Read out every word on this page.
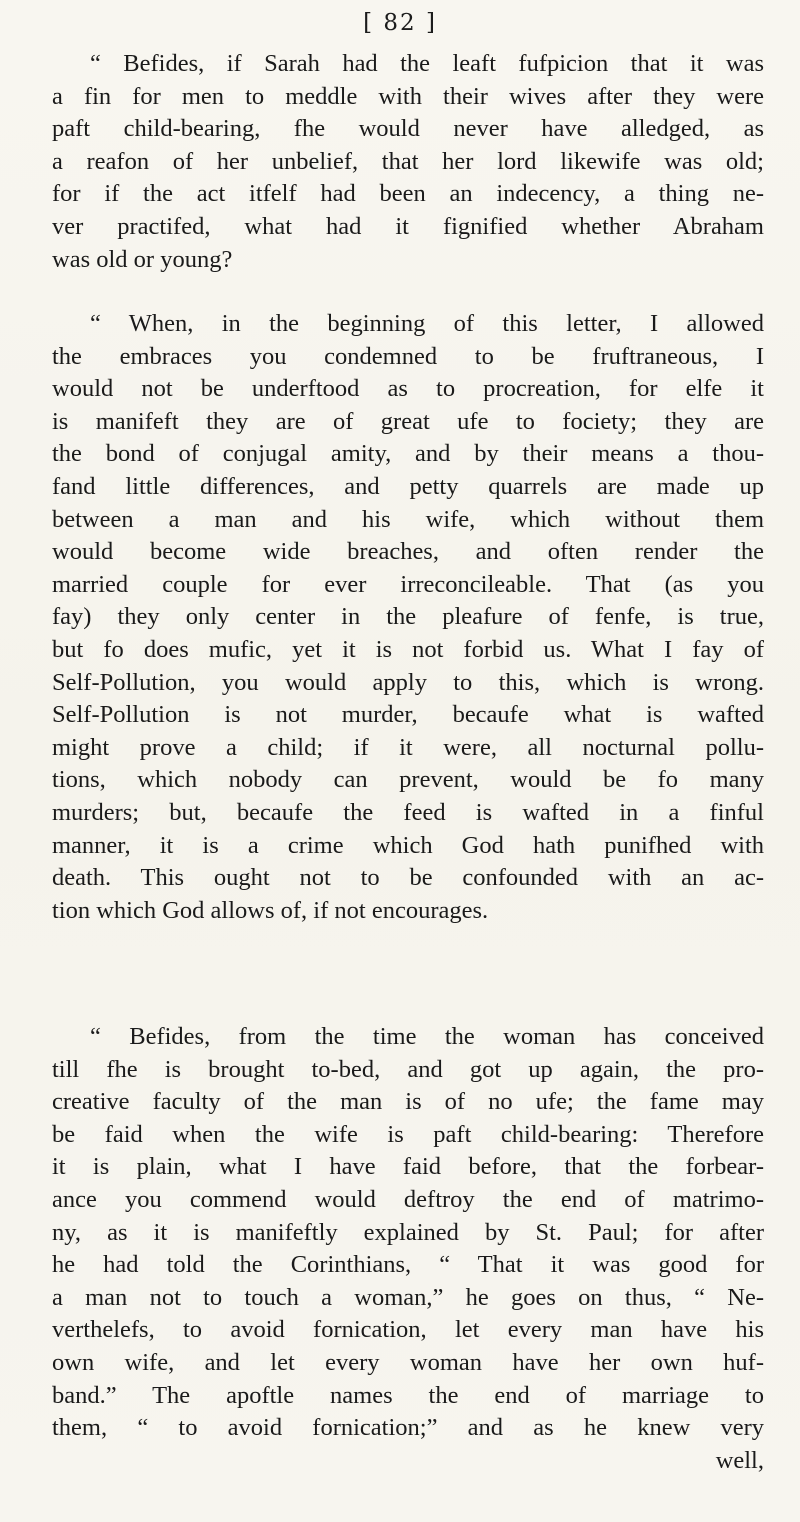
[ 82 ]
“ Befides, if Sarah had the leaft fufpicion that it was
a fin for men to meddle with their wives after they were
paft child-bearing, fhe would never have alledged, as
a reafon of her unbelief, that her lord likewife was old;
for if the act itfelf had been an indecency, a thing ne-
ver practifed, what had it fignified whether Abraham
was old or young?
“ When, in the beginning of this letter, I allowed
the embraces you condemned to be fruftraneous, I
would not be underftood as to procreation, for elfe it
is manifeft they are of great ufe to fociety; they are
the bond of conjugal amity, and by their means a thou-
fand little differences, and petty quarrels are made up
between a man and his wife, which without them
would become wide breaches, and often render the
married couple for ever irreconcileable. That (as you
fay) they only center in the pleafure of fenfe, is true,
but fo does mufic, yet it is not forbid us. What I fay of
Self-Pollution, you would apply to this, which is wrong.
Self-Pollution is not murder, becaufe what is wafted
might prove a child; if it were, all nocturnal pollu-
tions, which nobody can prevent, would be fo many
murders; but, becaufe the feed is wafted in a finful
manner, it is a crime which God hath punifhed with
death. This ought not to be confounded with an ac-
tion which God allows of, if not encourages.
“ Befides, from the time the woman has conceived
till fhe is brought to-bed, and got up again, the pro-
creative faculty of the man is of no ufe; the fame may
be faid when the wife is paft child-bearing: Therefore
it is plain, what I have faid before, that the forbear-
ance you commend would deftroy the end of matrimo-
ny, as it is manifeftly explained by St. Paul; for after
he had told the Corinthians, “ That it was good for
a man not to touch a woman,” he goes on thus, “ Ne-
verthelefs, to avoid fornication, let every man have his
own wife, and let every woman have her own huf-
band.” The apoftle names the end of marriage to
them, “ to avoid fornication;” and as he knew very
well,
